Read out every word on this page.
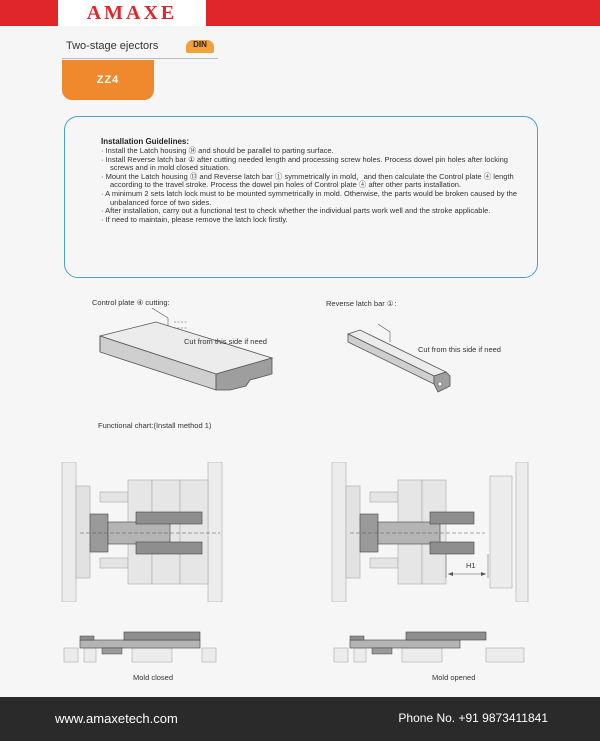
AMAXE
Two-stage ejectors	DIN
ZZ4
Installation Guidelines:
· Install the Latch housing ⑭ and should be parallel to parting surface.
· Install Reverse latch bar ① after cutting needed length and processing screw holes. Process dowel pin holes after locking screws and in mold closed situation.
· Mount the Latch housing ⑬ and Reverse latch bar ① symmetrically in mold，and then calculate the Control plate ④ length according to the travel stroke. Process the dowel pin holes of Control plate ④ after other parts installation.
· A minimum 2 sets latch lock must to be mounted symmetrically in mold. Otherwise, the parts would be broken caused by the unbalanced force of two sides.
· After installation, carry out a functional test to check whether the individual parts work well and the stroke applicable.
· If need to maintain, please remove the latch lock firstly.
Control plate ④ cutting:
Cut from this side if need
Reverse latch bar ①：
Cut from this side if need
Functional chart:(Install method 1)
H1
Mold closed	Mold opened
www.amaxetech.com	Phone No. +91 9873411841
